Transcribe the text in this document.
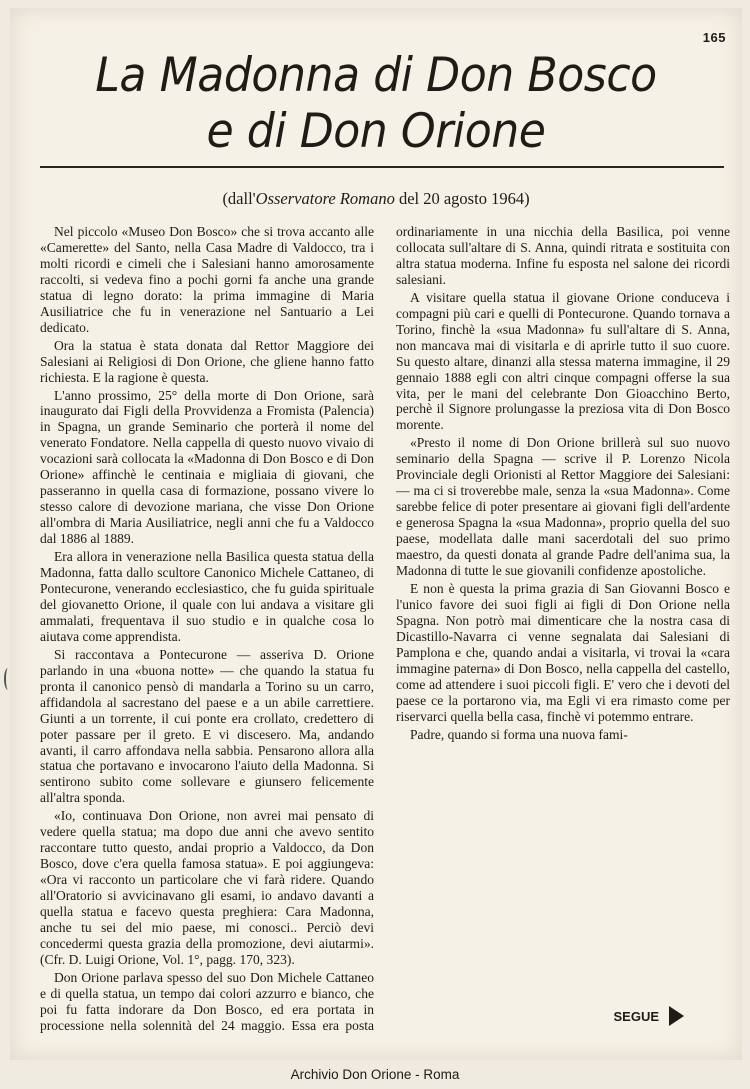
165
La Madonna di Don Bosco
e di Don Orione
(dall'Osservatore Romano del 20 agosto 1964)

Nel piccolo «Museo Don Bosco» che si trova accanto alle «Camerette» del Santo, nella Casa Madre di Valdocco, tra i molti ricordi e cimeli che i Salesiani hanno amorosamente raccolti, si vedeva fino a pochi gorni fa anche una grande statua di legno dorato: la prima immagine di Maria Ausiliatrice che fu in venerazione nel Santuario a Lei dedicato.

Ora la statua è stata donata dal Rettor Maggiore dei Salesiani ai Religiosi di Don Orione, che gliene hanno fatto richiesta. E la ragione è questa.

L'anno prossimo, 25° della morte di Don Orione, sarà inaugurato dai Figli della Provvidenza a Fromista (Palencia) in Spagna, un grande Seminario che porterà il nome del venerato Fondatore. Nella cappella di questo nuovo vivaio di vocazioni sarà collocata la «Madonna di Don Bosco e di Don Orione» affinchè le centinaia e migliaia di giovani, che passeranno in quella casa di formazione, possano vivere lo stesso calore di devozione mariana, che visse Don Orione all'ombra di Maria Ausiliatrice, negli anni che fu a Valdocco dal 1886 al 1889.

Era allora in venerazione nella Basilica questa statua della Madonna, fatta dallo scultore Canonico Michele Cattaneo, di Pontecurone, venerando ecclesiastico, che fu guida spirituale del giovanetto Orione, il quale con lui andava a visitare gli ammalati, frequentava il suo studio e in qualche cosa lo aiutava come apprendista.

Si raccontava a Pontecurone — asseriva D. Orione parlando in una «buona notte» — che quando la statua fu pronta il canonico pensò di mandarla a Torino su un carro, affidandola al sacrestano del paese e a un abile carrettiere. Giunti a un torrente, il cui ponte era crollato, credettero di poter passare per il greto. E vi discesero. Ma, andando avanti, il carro affondava nella sabbia. Pensarono allora alla statua che portavano e invocarono l'aiuto della Madonna. Si sentirono subito come sollevare e giunsero felicemente all'altra sponda.

«Io, continuava Don Orione, non avrei mai pensato di vedere quella statua; ma dopo due anni che avevo sentito raccontare tutto questo, andai proprio a Valdocco, da Don Bosco, dove c'era quella famosa statua». E poi aggiungeva: «Ora vi racconto un particolare che vi farà ridere. Quando all'Oratorio si avvicinavano gli esami, io andavo davanti a quella statua e facevo questa preghiera: Cara Madonna, anche tu sei del mio paese, mi conosci.. Perciò devi concedermi questa grazia della promozione, devi aiutarmi». (Cfr. D. Luigi Orione, Vol. 1°, pagg. 170, 323).

Don Orione parlava spesso del suo Don Michele Cattaneo e di quella statua, un tempo dai colori azzurro e bianco, che poi fu fatta indorare da Don Bosco, ed era portata in processione nella solennità del 24 maggio. Essa era posta ordinariamente in una nicchia della Basilica, poi venne collocata sull'altare di S. Anna, quindi ritrata e sostituita con altra statua moderna. Infine fu esposta nel salone dei ricordi salesiani.

A visitare quella statua il giovane Orione conduceva i compagni più cari e quelli di Pontecurone. Quando tornava a Torino, finchè la «sua Madonna» fu sull'altare di S. Anna, non mancava mai di visitarla e di aprirle tutto il suo cuore. Su questo altare, dinanzi alla stessa materna immagine, il 29 gennaio 1888 egli con altri cinque compagni offerse la sua vita, per le mani del celebrante Don Gioacchino Berto, perchè il Signore prolungasse la preziosa vita di Don Bosco morente.

«Presto il nome di Don Orione brillerà sul suo nuovo seminario della Spagna — scrive il P. Lorenzo Nicola Provinciale degli Orionisti al Rettor Maggiore dei Salesiani: — ma ci si troverebbe male, senza la «sua Madonna». Come sarebbe felice di poter presentare ai giovani figli dell'ardente e generosa Spagna la «sua Madonna», proprio quella del suo paese, modellata dalle mani sacerdotali del suo primo maestro, da questi donata al grande Padre dell'anima sua, la Madonna di tutte le sue giovanili confidenze apostoliche.

E non è questa la prima grazia di San Giovanni Bosco e l'unico favore dei suoi figli ai figli di Don Orione nella Spagna. Non potrò mai dimenticare che la nostra casa di Dicastillo-Navarra ci venne segnalata dai Salesiani di Pamplona e che, quando andai a visitarla, vi trovai la «cara immagine paterna» di Don Bosco, nella cappella del castello, come ad attendere i suoi piccoli figli. E' vero che i devoti del paese ce la portarono via, ma Egli vi era rimasto come per riservarci quella bella casa, finchè vi potemmo entrare.

Padre, quando si forma una nuova fami-

SEGUE
Archivio Don Orione - Roma
